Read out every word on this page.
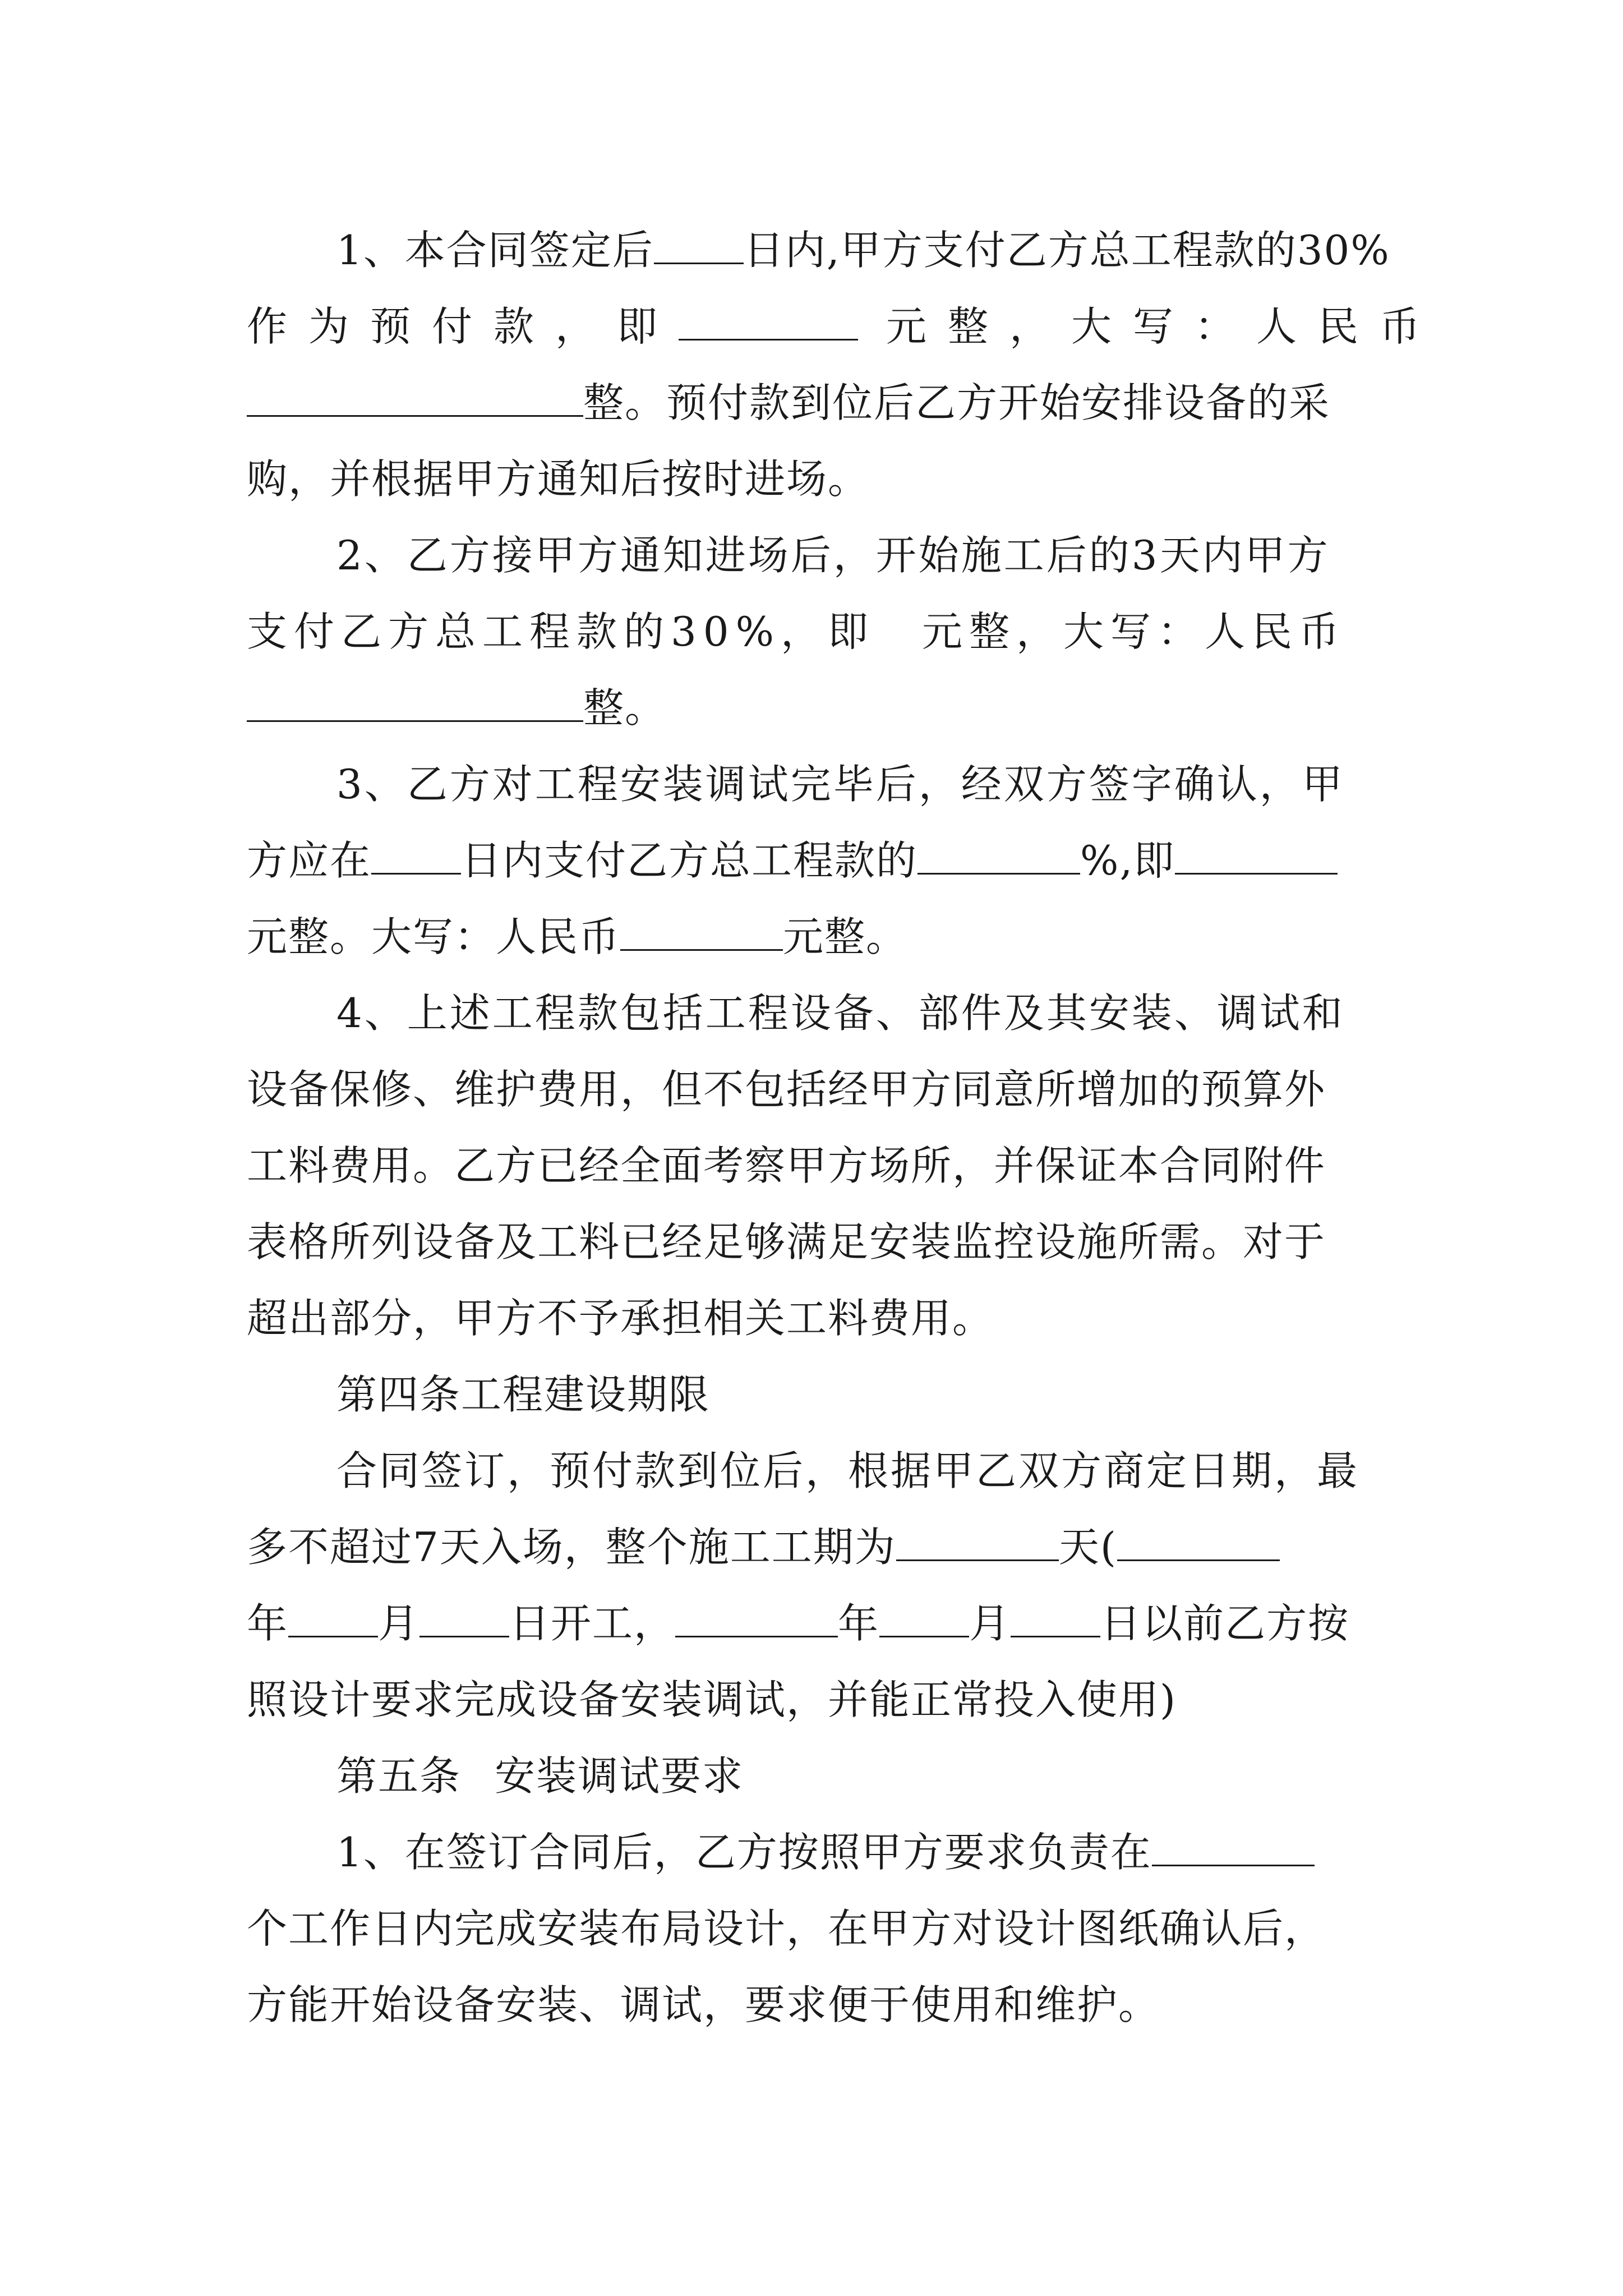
1、本合同签定后 日内,甲方支付乙方总工程款的30%
作为预付款，即	元整，大写：人民币
整。预付款到位后乙方开始安排设备的采
购，并根据甲方通知后按时进场。
2、乙方接甲方通知进场后，开始施工后的3天内甲方
支付乙方总工程款的30%，即　元整，大写：人民币
整。
3、乙方对工程安装调试完毕后，经双方签字确认，甲
方应在 日内支付乙方总工程款的	%,即
元整。大写：人民币	元整。
4、上述工程款包括工程设备、部件及其安装、调试和
设备保修、维护费用，但不包括经甲方同意所增加的预算外
工料费用。乙方已经全面考察甲方场所，并保证本合同附件
表格所列设备及工料已经足够满足安装监控设施所需。对于
超出部分，甲方不予承担相关工料费用。
第四条工程建设期限
合同签订，预付款到位后，根据甲乙双方商定日期，最
多不超过7天入场，整个施工工期为	天(
年 月 日开工，	年 月 日以前乙方按
照设计要求完成设备安装调试，并能正常投入使用)
第五条 安装调试要求
1、在签订合同后，乙方按照甲方要求负责在
个工作日内完成安装布局设计，在甲方对设计图纸确认后，
方能开始设备安装、调试，要求便于使用和维护。
